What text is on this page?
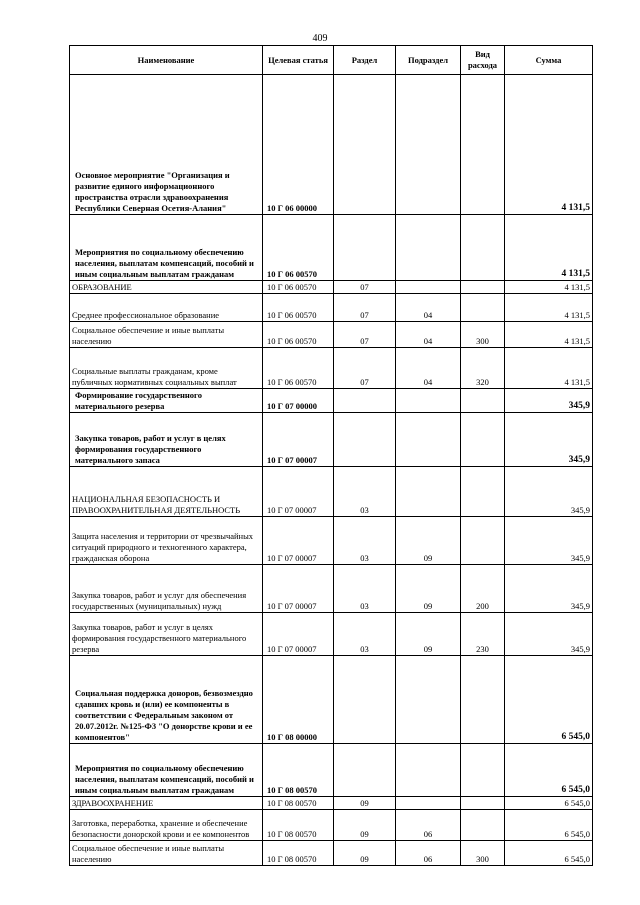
409
Наименование	Целевая статья	Раздел	Подраздел	Вид расхода	Сумма
Основное мероприятие "Организация и развитие единого информационного пространства отрасли здравоохранения Республики Северная Осетия-Алания"	10 Г 06 00000				4 131,5
Мероприятия по социальному обеспечению населения, выплатам компенсаций, пособий и иным социальным выплатам гражданам	10 Г 06 00570				4 131,5
ОБРАЗОВАНИЕ	10 Г 06 00570	07			4 131,5
Среднее профессиональное образование	10 Г 06 00570	07	04		4 131,5
Социальное обеспечение и иные выплаты населению	10 Г 06 00570	07	04	300	4 131,5
Социальные выплаты гражданам, кроме публичных нормативных социальных выплат	10 Г 06 00570	07	04	320	4 131,5
Формирование государственного материального резерва	10 Г 07 00000				345,9
Закупка товаров, работ и услуг в целях формирования государственного материального запаса	10 Г 07 00007				345,9
НАЦИОНАЛЬНАЯ БЕЗОПАСНОСТЬ И ПРАВООХРАНИТЕЛЬНАЯ ДЕЯТЕЛЬНОСТЬ	10 Г 07 00007	03			345,9
Защита населения и территории от чрезвычайных ситуаций природного и техногенного характера, гражданская оборона	10 Г 07 00007	03	09		345,9
Закупка товаров, работ и услуг для обеспечения государственных (муниципальных) нужд	10 Г 07 00007	03	09	200	345,9
Закупка товаров, работ и услуг в целях формирования государственного материального резерва	10 Г 07 00007	03	09	230	345,9
Социальная поддержка доноров, безвозмездно сдавших кровь и (или) ее компоненты в соответствии с Федеральным законом от 20.07.2012г. №125-Ф3 "О донорстве крови и ее компонентов"	10 Г 08 00000				6 545,0
Мероприятия по социальному обеспечению населения, выплатам компенсаций, пособий и иным социальным выплатам гражданам	10 Г 08 00570				6 545,0
ЗДРАВООХРАНЕНИЕ	10 Г 08 00570	09			6 545,0
Заготовка, переработка, хранение и обеспечение безопасности донорской крови и ее компонентов	10 Г 08 00570	09	06		6 545,0
Социальное обеспечение и иные выплаты населению	10 Г 08 00570	09	06	300	6 545,0
